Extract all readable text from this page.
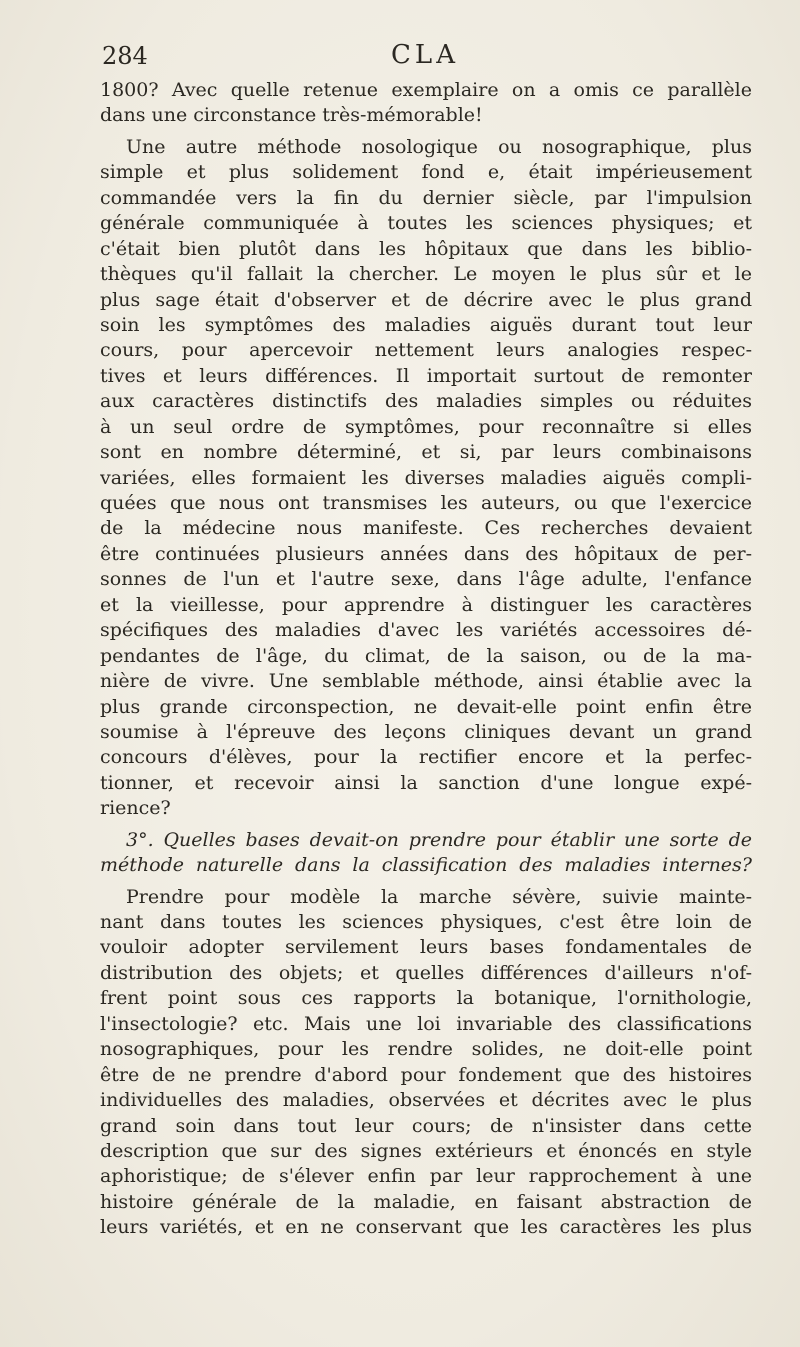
284	CLA
1800? Avec quelle retenue exemplaire on a omis ce parallèle
dans une circonstance très-mémorable!
Une autre méthode nosologique ou nosographique, plus
simple et plus solidement fond e, était impérieusement
commandée vers la fin du dernier siècle, par l'impulsion
générale communiquée à toutes les sciences physiques; et
c'était bien plutôt dans les hôpitaux que dans les biblio-
thèques qu'il fallait la chercher. Le moyen le plus sûr et le
plus sage était d'observer et de décrire avec le plus grand
soin les symptômes des maladies aiguës durant tout leur
cours, pour apercevoir nettement leurs analogies respec-
tives et leurs différences. Il importait surtout de remonter
aux caractères distinctifs des maladies simples ou réduites
à un seul ordre de symptômes, pour reconnaître si elles
sont en nombre déterminé, et si, par leurs combinaisons
variées, elles formaient les diverses maladies aiguës compli-
quées que nous ont transmises les auteurs, ou que l'exercice
de la médecine nous manifeste. Ces recherches devaient
être continuées plusieurs années dans des hôpitaux de per-
sonnes de l'un et l'autre sexe, dans l'âge adulte, l'enfance
et la vieillesse, pour apprendre à distinguer les caractères
spécifiques des maladies d'avec les variétés accessoires dé-
pendantes de l'âge, du climat, de la saison, ou de la ma-
nière de vivre. Une semblable méthode, ainsi établie avec la
plus grande circonspection, ne devait-elle point enfin être
soumise à l'épreuve des leçons cliniques devant un grand
concours d'élèves, pour la rectifier encore et la perfec-
tionner, et recevoir ainsi la sanction d'une longue expé-
rience?
3°. Quelles bases devait-on prendre pour établir une sorte de
méthode naturelle dans la classification des maladies internes?
Prendre pour modèle la marche sévère, suivie mainte-
nant dans toutes les sciences physiques, c'est être loin de
vouloir adopter servilement leurs bases fondamentales de
distribution des objets; et quelles différences d'ailleurs n'of-
frent point sous ces rapports la botanique, l'ornithologie,
l'insectologie? etc. Mais une loi invariable des classifications
nosographiques, pour les rendre solides, ne doit-elle point
être de ne prendre d'abord pour fondement que des histoires
individuelles des maladies, observées et décrites avec le plus
grand soin dans tout leur cours; de n'insister dans cette
description que sur des signes extérieurs et énoncés en style
aphoristique; de s'élever enfin par leur rapprochement à une
histoire générale de la maladie, en faisant abstraction de
leurs variétés, et en ne conservant que les caractères les plus
